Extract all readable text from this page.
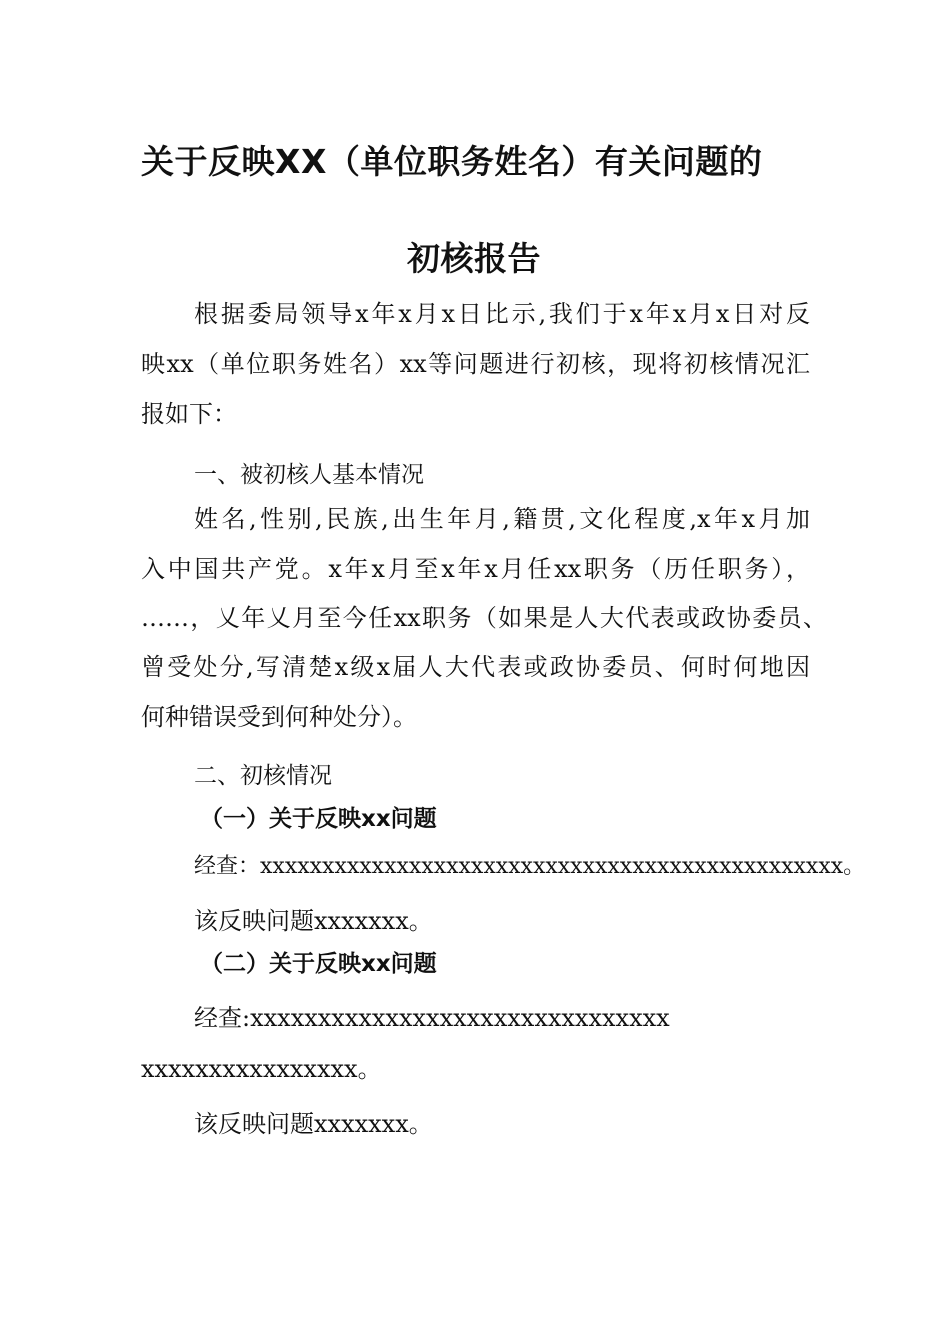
关于反映XX（单位职务姓名）有关问题的
初核报告
根据委局领导x年x月x日比示,我们于x年x月x日对反
映xx（单位职务姓名）xx等问题进行初核，现将初核情况汇
报如下：
一、被初核人基本情况
姓名,性别,民族,出生年月,籍贯,文化程度,x年x月加
入中国共产党。x年x月至x年x月任xx职务（历任职务），
……，乂年乂月至今任xx职务（如果是人大代表或政协委员、
曾受处分,写清楚x级x届人大代表或政协委员、何时何地因
何种错误受到何种处分）。
二、初核情况
（一）关于反映xx问题
经查：xxxxxxxxxxxxxxxxxxxxxxxxxxxxxxxxxxxxxxxxxxxxxxx。
该反映问题xxxxxxx。
（二）关于反映xx问题
经查:xxxxxxxxxxxxxxxxxxxxxxxxxxxxxxx
xxxxxxxxxxxxxxxx。
该反映问题xxxxxxx。
